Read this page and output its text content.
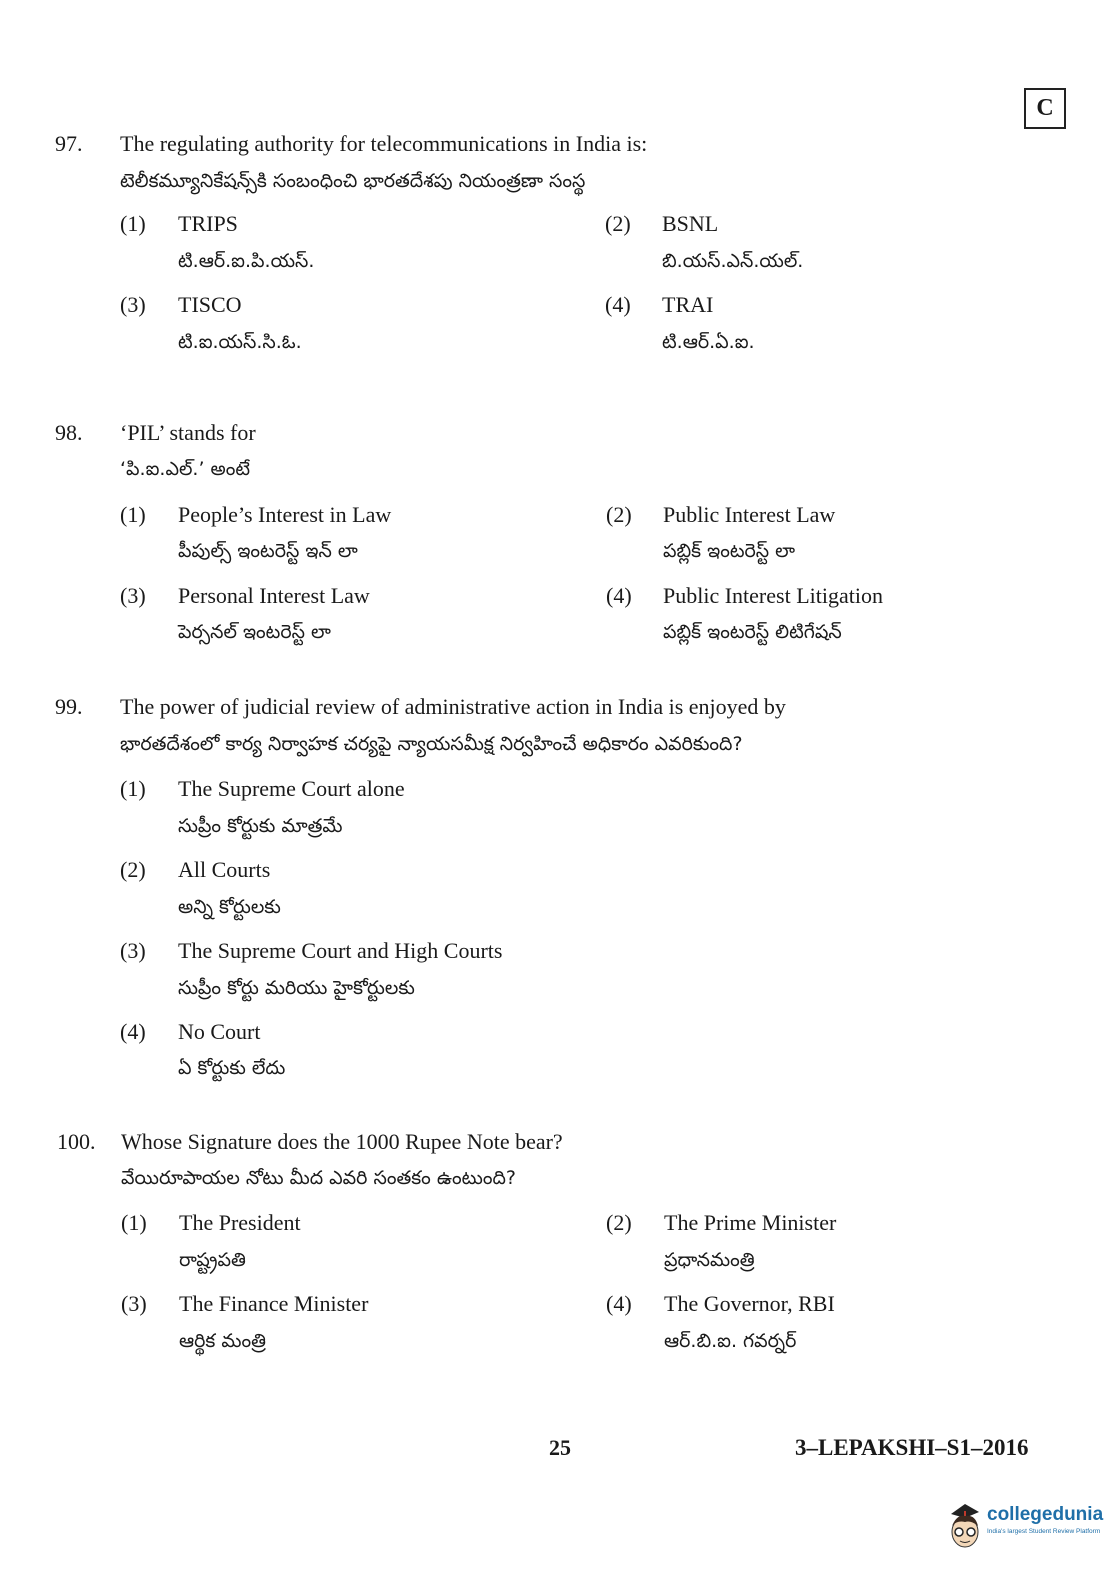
C
97. The regulating authority for telecommunications in India is:
టెలీకమ్యూనికేషన్స్‌కి సంబంధించి భారతదేశపు నియంత్రణా సంస్థ
(1) TRIPS
టి.ఆర్.ఐ.పి.యస్.
(2) BSNL
బి.యస్.ఎన్.యల్.
(3) TISCO
టి.ఐ.యస్.సి.ఓ.
(4) TRAI
టి.ఆర్.ఏ.ఐ.
98. ‘PIL’ stands for
‘పి.ఐ.ఎల్.’ అంటే
(1) People’s Interest in Law
పీపుల్స్ ఇంటరెస్ట్ ఇన్ లా
(2) Public Interest Law
పబ్లిక్ ఇంటరెస్ట్ లా
(3) Personal Interest Law
పెర్సనల్ ఇంటరెస్ట్ లా
(4) Public Interest Litigation
పబ్లిక్ ఇంటరెస్ట్ లిటిగేషన్
99. The power of judicial review of administrative action in India is enjoyed by
భారతదేశంలో కార్య నిర్వాహక చర్యపై న్యాయసమీక్ష నిర్వహించే అధికారం ఎవరికుంది?
(1) The Supreme Court alone
సుప్రీం కోర్టుకు మాత్రమే
(2) All Courts
అన్ని కోర్టులకు
(3) The Supreme Court and High Courts
సుప్రీం కోర్టు మరియు హైకోర్టులకు
(4) No Court
ఏ కోర్టుకు లేదు
100. Whose Signature does the 1000 Rupee Note bear?
వేయిరూపాయల నోటు మీద ఎవరి సంతకం ఉంటుంది?
(1) The President
రాష్ట్రపతి
(2) The Prime Minister
ప్రధానమంత్రి
(3) The Finance Minister
ఆర్థిక మంత్రి
(4) The Governor, RBI
ఆర్.బి.ఐ. గవర్నర్
25	3–LEPAKSHI–S1–2016
collegedunia
India's largest Student Review Platform
